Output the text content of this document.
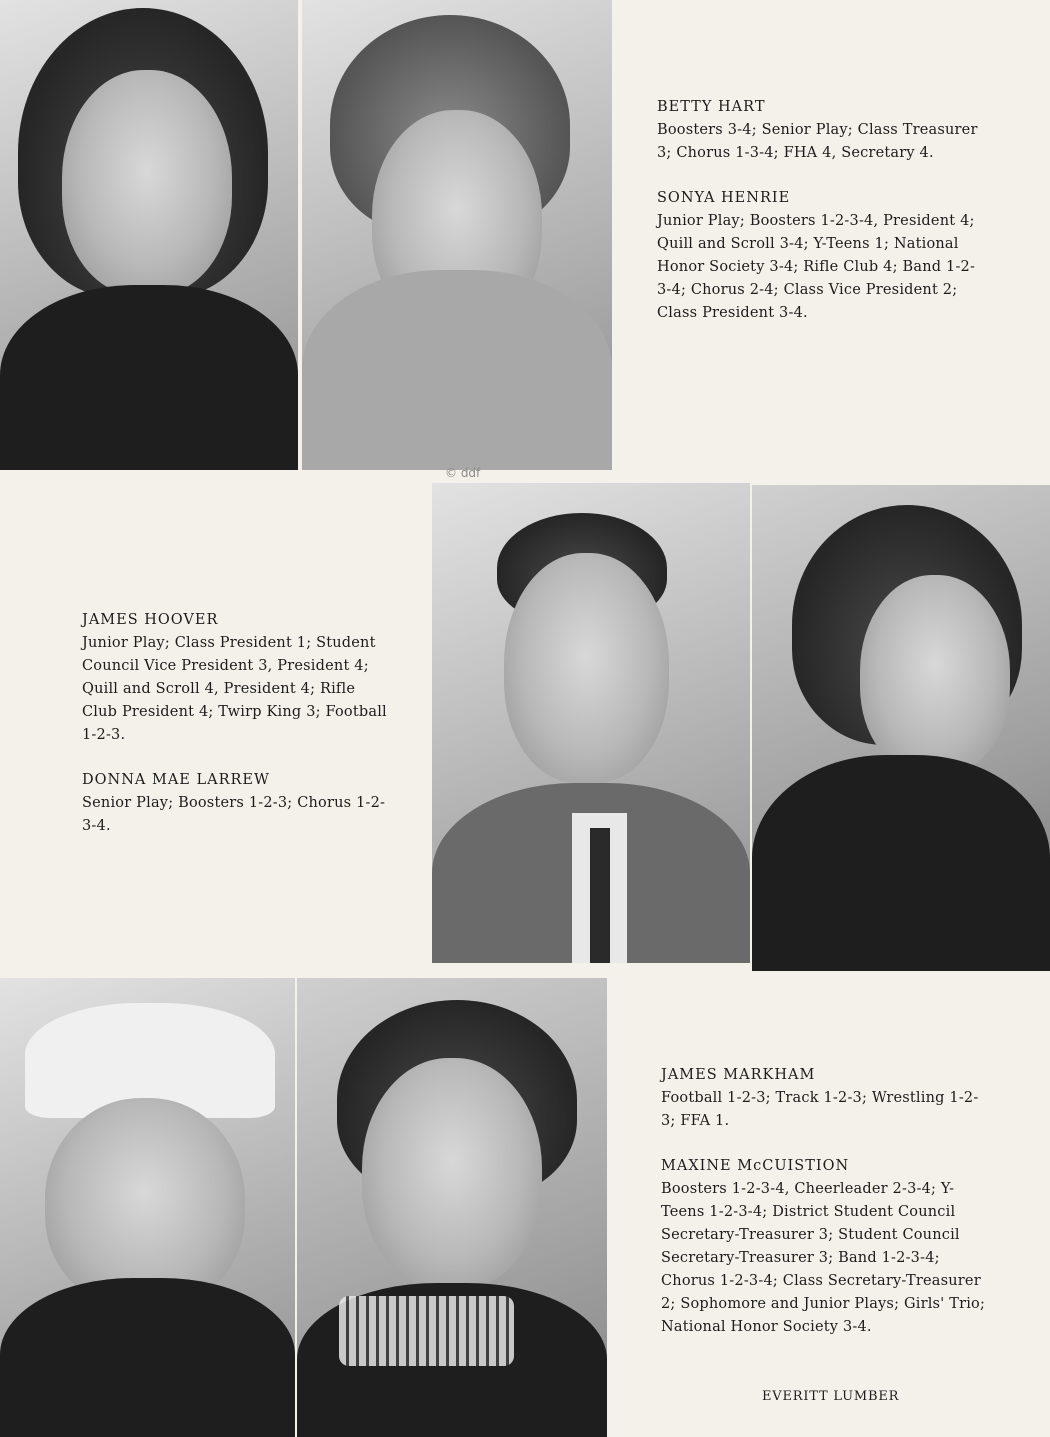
© ddf
BETTY HART
Boosters 3-4; Senior Play; Class Treasurer 3; Chorus 1-3-4; FHA 4, Secretary 4.
SONYA HENRIE
Junior Play; Boosters 1-2-3-4, President 4; Quill and Scroll 3-4; Y-Teens 1; National Honor Society 3-4; Rifle Club 4; Band 1-2-3-4; Chorus 2-4; Class Vice President 2; Class President 3-4.
JAMES HOOVER
Junior Play; Class President 1; Student Council Vice President 3, President 4; Quill and Scroll 4, President 4; Rifle Club President 4; Twirp King 3; Football 1-2-3.
DONNA MAE LARREW
Senior Play; Boosters 1-2-3; Chorus 1-2-3-4.
JAMES MARKHAM
Football 1-2-3; Track 1-2-3; Wrestling 1-2-3; FFA 1.
MAXINE McCUISTION
Boosters 1-2-3-4, Cheerleader 2-3-4; Y-Teens 1-2-3-4; District Student Council Secretary-Treasurer 3; Student Council Secretary-Treasurer 3; Band 1-2-3-4; Chorus 1-2-3-4; Class Secretary-Treasurer 2; Sophomore and Junior Plays; Girls' Trio; National Honor Society 3-4.
EVERITT LUMBER
